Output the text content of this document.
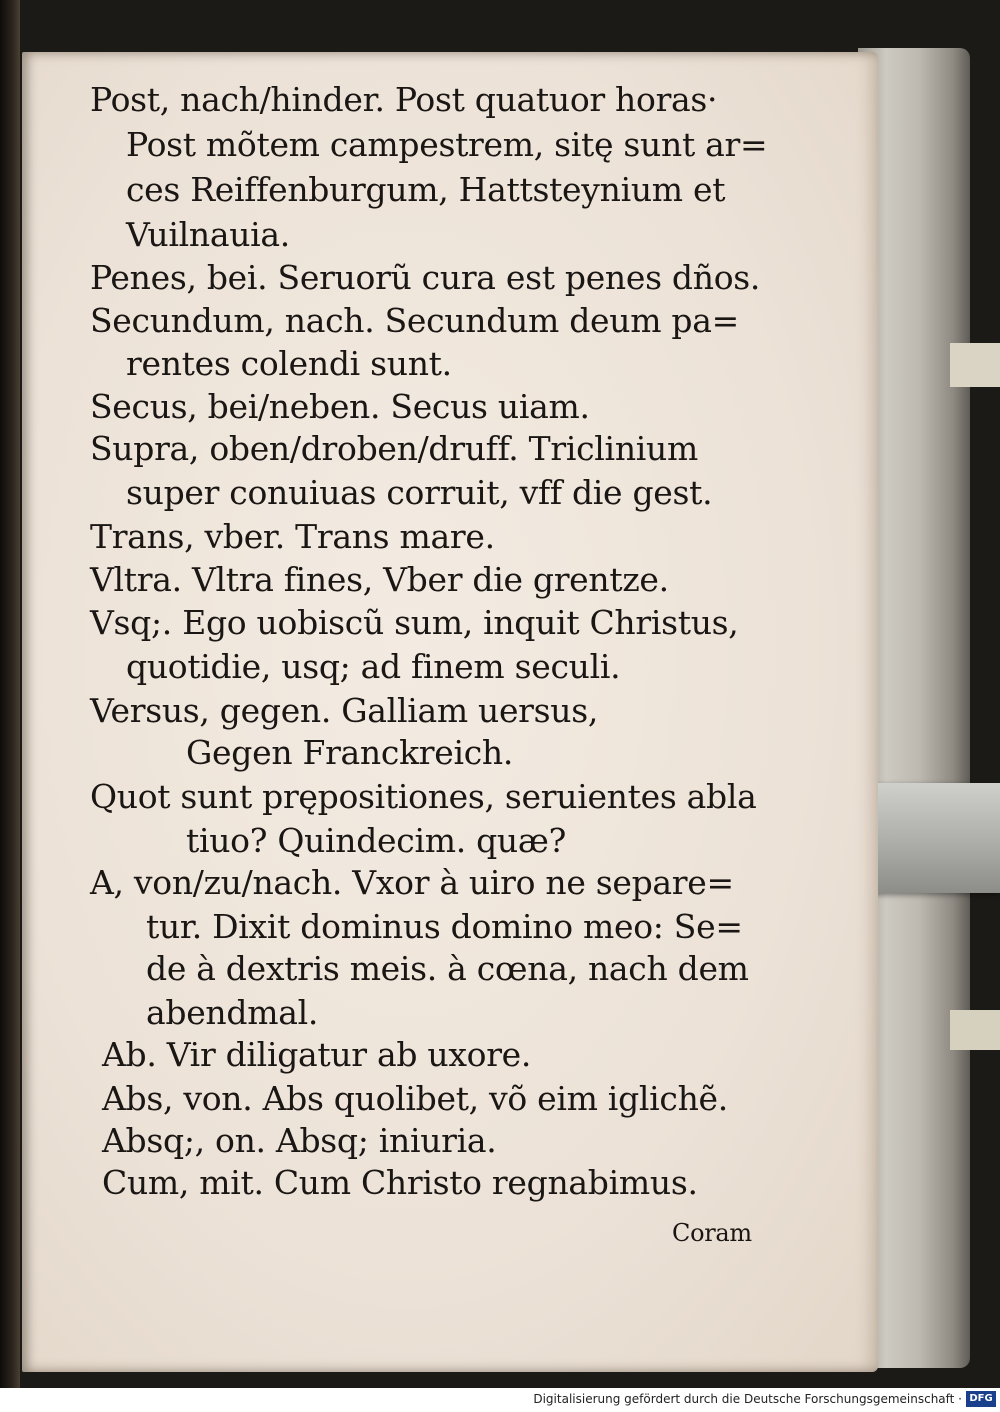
Post, nach/hinder. Post quatuor horas·
Post mõtem campestrem, sitę sunt ar=
ces Reiffenburgum, Hattsteynium et
Vuilnauia.
Penes, bei. Seruorũ cura est penes dños.
Secundum, nach. Secundum deum pa=
rentes colendi sunt.
Secus, bei/neben. Secus uiam.
Supra, oben/droben/druff. Triclinium
super conuiuas corruit, vff die gest.
Trans, vber. Trans mare.
Vltra. Vltra fines, Vber die grentze.
Vsq;. Ego uobiscũ sum, inquit Christus,
quotidie, usq; ad finem seculi.
Versus, gegen. Galliam uersus,
Gegen Franckreich.
Quot sunt prępositiones, seruientes abla
tiuo? Quindecim. quæ?
A, von/zu/nach. Vxor à uiro ne separe=
tur. Dixit dominus domino meo: Se=
de à dextris meis. à cœna, nach dem
abendmal.
Ab. Vir diligatur ab uxore.
Abs, von. Abs quolibet, võ eim iglichẽ.
Absq;, on. Absq; iniuria.
Cum, mit. Cum Christo regnabimus.
Coram
Digitalisierung gefördert durch die Deutsche Forschungsgemeinschaft · DFG
